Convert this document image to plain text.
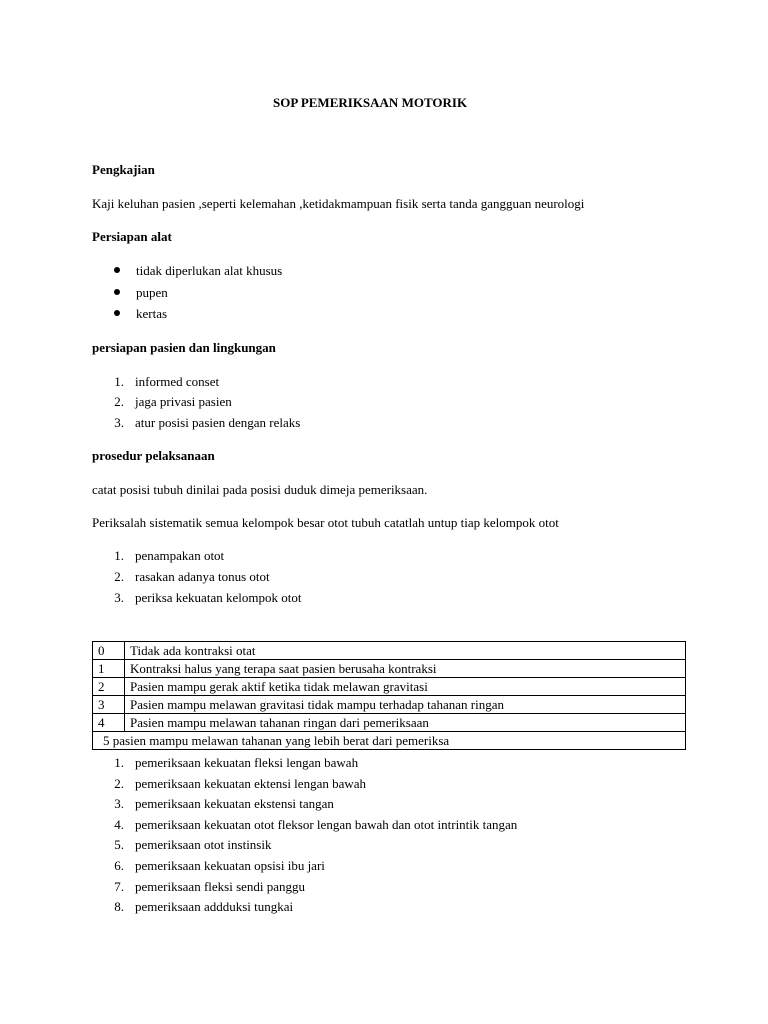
SOP PEMERIKSAAN MOTORIK
Pengkajian
Kaji keluhan pasien ,seperti kelemahan ,ketidakmampuan fisik serta tanda gangguan neurologi
Persiapan alat
tidak diperlukan alat khusus
pupen
kertas
persiapan pasien dan lingkungan
1. informed conset
2. jaga privasi pasien
3. atur posisi pasien dengan relaks
prosedur pelaksanaan
catat posisi tubuh dinilai pada posisi duduk dimeja pemeriksaan.
Periksalah sistematik semua kelompok besar otot tubuh catatlah untup tiap kelompok otot
1. penampakan otot
2. rasakan adanya tonus otot
3. periksa kekuatan kelompok otot
0	Tidak ada kontraksi otat
1	Kontraksi halus yang terapa saat pasien berusaha kontraksi
2	Pasien mampu gerak aktif ketika tidak melawan gravitasi
3	Pasien mampu melawan gravitasi tidak mampu terhadap tahanan ringan
4	Pasien mampu melawan tahanan ringan dari pemeriksaan
5 pasien mampu melawan tahanan yang lebih berat dari pemeriksa	
1. pemeriksaan kekuatan fleksi lengan bawah
2. pemeriksaan kekuatan ektensi lengan bawah
3. pemeriksaan kekuatan ekstensi tangan
4. pemeriksaan kekuatan otot fleksor lengan bawah dan otot intrintik tangan
5. pemeriksaan otot instinsik
6. pemeriksaan kekuatan opsisi ibu jari
7. pemeriksaan fleksi sendi panggu
8. pemeriksaan addduksi tungkai
